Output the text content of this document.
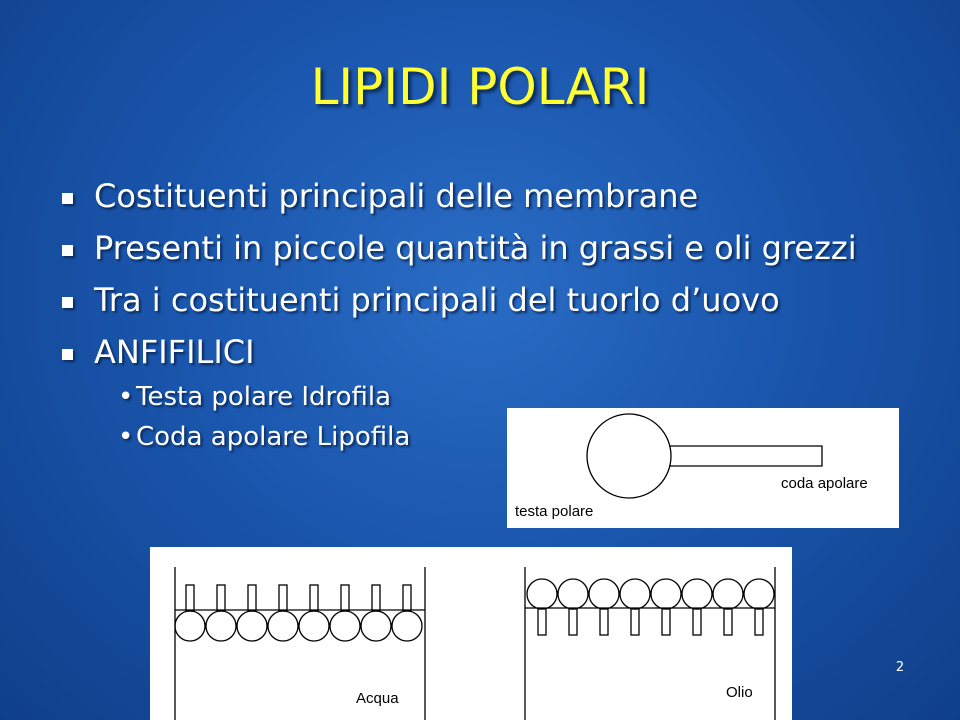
LIPIDI POLARI
Costituenti principali delle membrane
Presenti in piccole quantità in grassi e oli grezzi
Tra i costituenti principali del tuorlo d’uovo
ANFIFILICI
• Testa polare Idrofila
• Coda apolare Lipofila
testa polare
coda apolare
Acqua	Olio
2
